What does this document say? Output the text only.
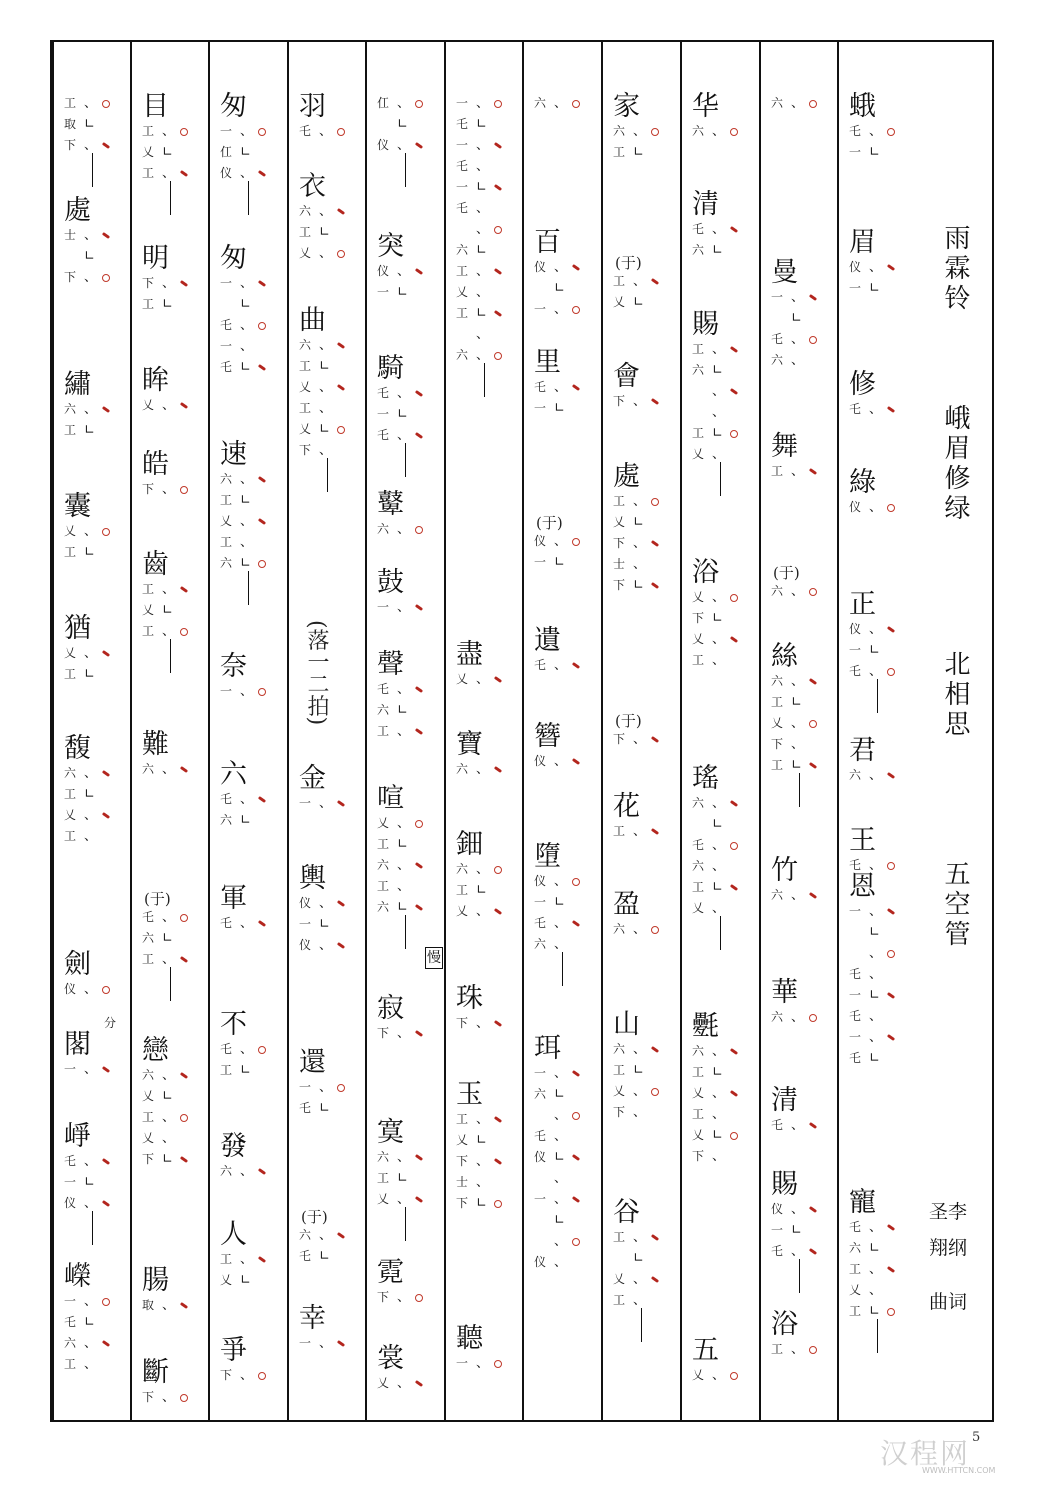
雨霖铃
峨眉修绿
北相思
五空管
圣李
翔纲
曲词
蛾
乇 、
一 ∟
眉
仪 、
一 ∟
修
乇 、
綠
仪 、
正
仪 、
一 ∟
乇 、
君
六 、
王
乇 、
恩
一 、
∟
、
乇 、
一 ∟
乇 、
一 、
乇 ∟
寵
乇 、
六 ∟
工 、
乂 、
工 ∟
六 、
曼
一 、
∟
乇 、
六 、
舞
工 、
(于)
六 、
絲
六 、
工 ∟
乂 、
下 、
工 ∟
竹
六 、
華
六 、
清
乇 、
賜
仪 、
一 ∟
乇 、
浴
工 、
华
六 、
清
乇 、
六 ∟
賜
工 、
六 ∟
、
、
工 ∟
乂 、
浴
乂 、
下 ∟
乂 、
工 、
瑤
六 、
∟
乇 、
六 、
工 ∟
乂 、
氎
六 、
工 ∟
乂 、
工 、
乂 ∟
下 、
五
乂 、
家
六 、
工 ∟
(于)
工 、
乂 ∟
會
下 、
處
工 、
乂 ∟
下 、
士 、
下 ∟
(于)
下 、
花
工 、
盈
六 、
山
六 、
工 ∟
乂 、
下 、
谷
工 、
∟
乂 、
工 、
六 、
百
仪 、
∟
一 、
里
乇 、
一 ∟
(于)
仪 、
一 ∟
遺
乇 、
簪
仪 、
墮
仪 、
一 ∟
乇 、
六 、
珥
一 、
六 ∟
、
乇 、
仪 ∟
、
一 、
∟
、
仪 、
一 、
乇 ∟
一 、
乇 、
一 ∟
乇 、
、
六 ∟
工 、
乂 、
工 ∟
、
六 、
盡
乂 、
寶
六 、
鈿
六 、
工 ∟
乂 、
珠
下 、
玉
工 、
乂 ∟
下 、
士 、
下 ∟
聽
一 、
仜 、
∟
仪 、
突
仪 、
一 ∟
騎
乇 、
一 ∟
乇 、
鼙
六 、
鼓
一 、
聲
乇 、
六 ∟
工 、
喧
乂 、
工 ∟
六 、
工 、
六 ∟
寂
下 、
寞
六 、
工 ∟
乂 、
霓
下 、
裳
乂 、
羽
乇 、
衣
六 、
工 ∟
乂 、
曲
六 、
工 ∟
乂 、
工 、
乂 ∟
下 、
(落一二拍)
金
一 、
輿
仪 、
一 ∟
仪 、
還
一 、
乇 ∟
(于)
六 、
乇 ∟
幸
一 、
匆
一 、
仜 ∟
仪 、
匆
一 、
∟
乇 、
一 、
乇 ∟
速
六 、
工 ∟
乂 、
工 、
六 ∟
奈
一 、
六
乇 、
六 ∟
軍
乇 、
不
乇 、
工 ∟
發
六 、
人
工 、
乂 ∟
爭
下 、
目
工 、
乂 ∟
工 、
明
下 、
工 ∟
眸
乂 、
皓
下 、
齒
工 、
乂 ∟
工 、
難
六 、
(于)
乇 、
六 ∟
工 、
戀
六 、
乂 ∟
工 、
乂 、
下 ∟
腸
取 、
斷
下 、
工 、
取 ∟
下 、
處
士 、
∟
下 、
繡
六 、
工 ∟
囊
乂 、
工 ∟
猶
乂 、
工 ∟
馥
六 、
工 ∟
乂 、
工 、
劍
仪 、
閣
一 、
分
崢
乇 、
一 ∟
仪 、
嶸
一 、
乇 ∟
六 、
工 、
慢
汉程网
WWW.HTTCN.COM
5
